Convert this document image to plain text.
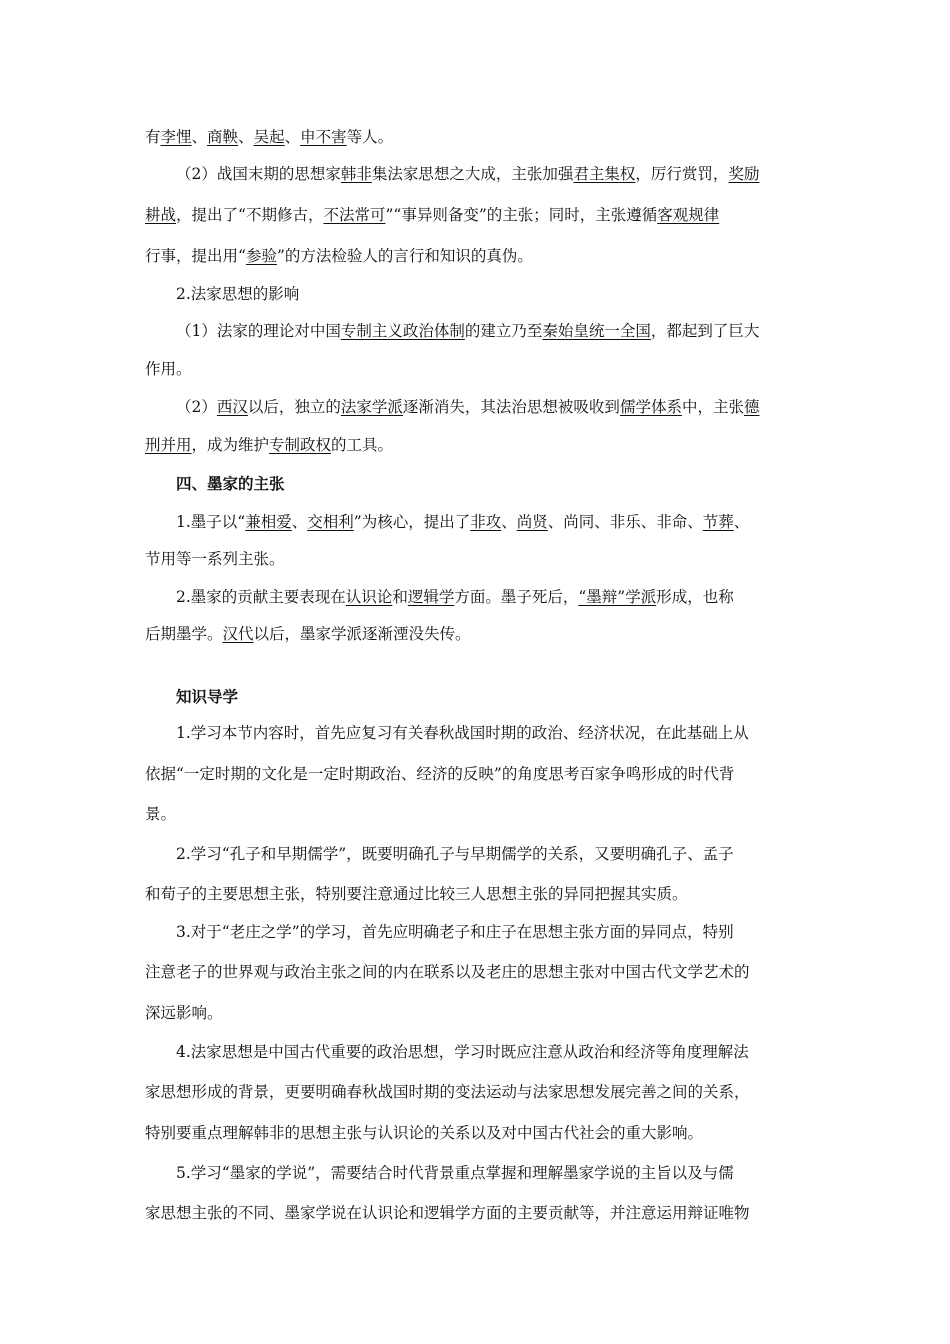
有李悝、商鞅、吴起、申不害等人。
（2）战国末期的思想家韩非集法家思想之大成，主张加强君主集权，厉行赏罚，奖励
耕战，提出了“不期修古，不法常可”“事异则备变”的主张；同时，主张遵循客观规律
行事，提出用“参验”的方法检验人的言行和知识的真伪。
2.法家思想的影响
（1）法家的理论对中国专制主义政治体制的建立乃至秦始皇统一全国，都起到了巨大
作用。
（2）西汉以后，独立的法家学派逐渐消失，其法治思想被吸收到儒学体系中，主张德
刑并用，成为维护专制政权的工具。
四、墨家的主张
1.墨子以“兼相爱、交相利”为核心，提出了非攻、尚贤、尚同、非乐、非命、节葬、
节用等一系列主张。
2.墨家的贡献主要表现在认识论和逻辑学方面。墨子死后，“墨辩”学派形成，也称
后期墨学。汉代以后，墨家学派逐渐湮没失传。
知识导学
1.学习本节内容时，首先应复习有关春秋战国时期的政治、经济状况，在此基础上从
依据“一定时期的文化是一定时期政治、经济的反映”的角度思考百家争鸣形成的时代背
景。
2.学习“孔子和早期儒学”，既要明确孔子与早期儒学的关系，又要明确孔子、孟子
和荀子的主要思想主张，特别要注意通过比较三人思想主张的异同把握其实质。
3.对于“老庄之学”的学习，首先应明确老子和庄子在思想主张方面的异同点，特别
注意老子的世界观与政治主张之间的内在联系以及老庄的思想主张对中国古代文学艺术的
深远影响。
4.法家思想是中国古代重要的政治思想，学习时既应注意从政治和经济等角度理解法
家思想形成的背景，更要明确春秋战国时期的变法运动与法家思想发展完善之间的关系，
特别要重点理解韩非的思想主张与认识论的关系以及对中国古代社会的重大影响。
5.学习“墨家的学说”，需要结合时代背景重点掌握和理解墨家学说的主旨以及与儒
家思想主张的不同、墨家学说在认识论和逻辑学方面的主要贡献等，并注意运用辩证唯物
